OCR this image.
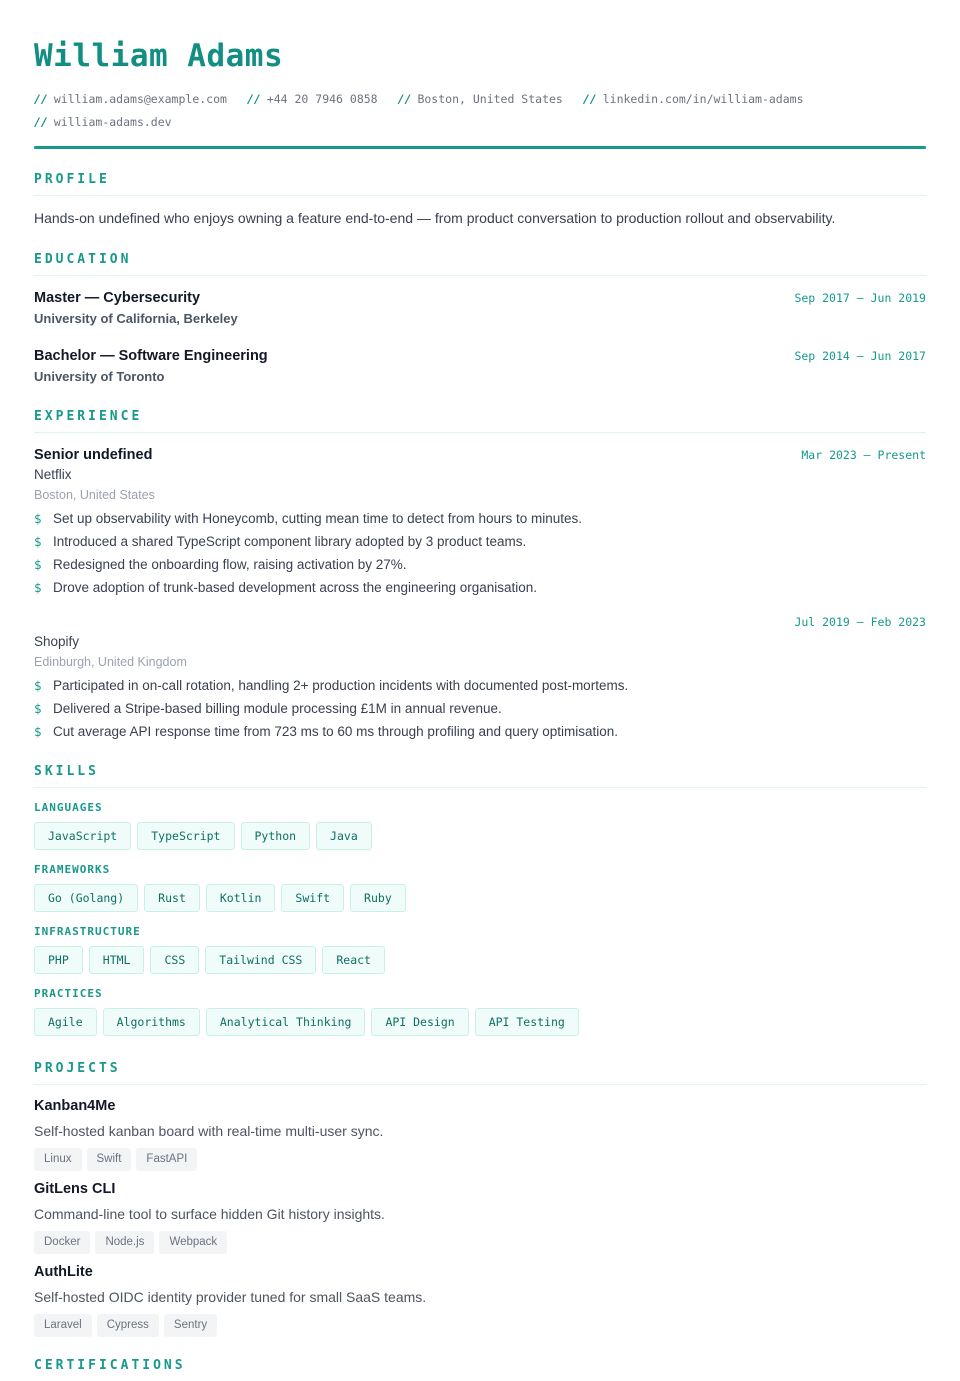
William Adams
// william.adams@example.com // +44 20 7946 0858 // Boston, United States // linkedin.com/in/william-adams
// william-adams.dev
PROFILE

Hands-on undefined who enjoys owning a feature end-to-end — from product conversation to production rollout and observability.

EDUCATION
Master — Cybersecurity
University of California, Berkeley
Sep 2017 – Jun 2019
Bachelor — Software Engineering
University of Toronto
Sep 2014 – Jun 2017
EXPERIENCE
Senior undefined	Mar 2023 – Present
Netflix
Boston, United States
$ Set up observability with Honeycomb, cutting mean time to detect from hours to minutes.
$ Introduced a shared TypeScript component library adopted by 3 product teams.
$ Redesigned the onboarding flow, raising activation by 27%.
$ Drove adoption of trunk-based development across the engineering organisation.
Jul 2019 – Feb 2023
Shopify
Edinburgh, United Kingdom
$ Participated in on-call rotation, handling 2+ production incidents with documented post-mortems.
$ Delivered a Stripe-based billing module processing £1M in annual revenue.
$ Cut average API response time from 723 ms to 60 ms through profiling and query optimisation.
SKILLS
LANGUAGES
JavaScript	TypeScript	Python	Java
FRAMEWORKS
Go (Golang)	Rust	Kotlin	Swift	Ruby
INFRASTRUCTURE
PHP	HTML	CSS	Tailwind CSS	React
PRACTICES
Agile	Algorithms	Analytical Thinking	API Design	API Testing
PROJECTS
Kanban4Me
Self-hosted kanban board with real-time multi-user sync.
Linux	Swift	FastAPI
GitLens CLI
Command-line tool to surface hidden Git history insights.
Docker	Node.js	Webpack
AuthLite
Self-hosted OIDC identity provider tuned for small SaaS teams.
Laravel	Cypress	Sentry
CERTIFICATIONS
